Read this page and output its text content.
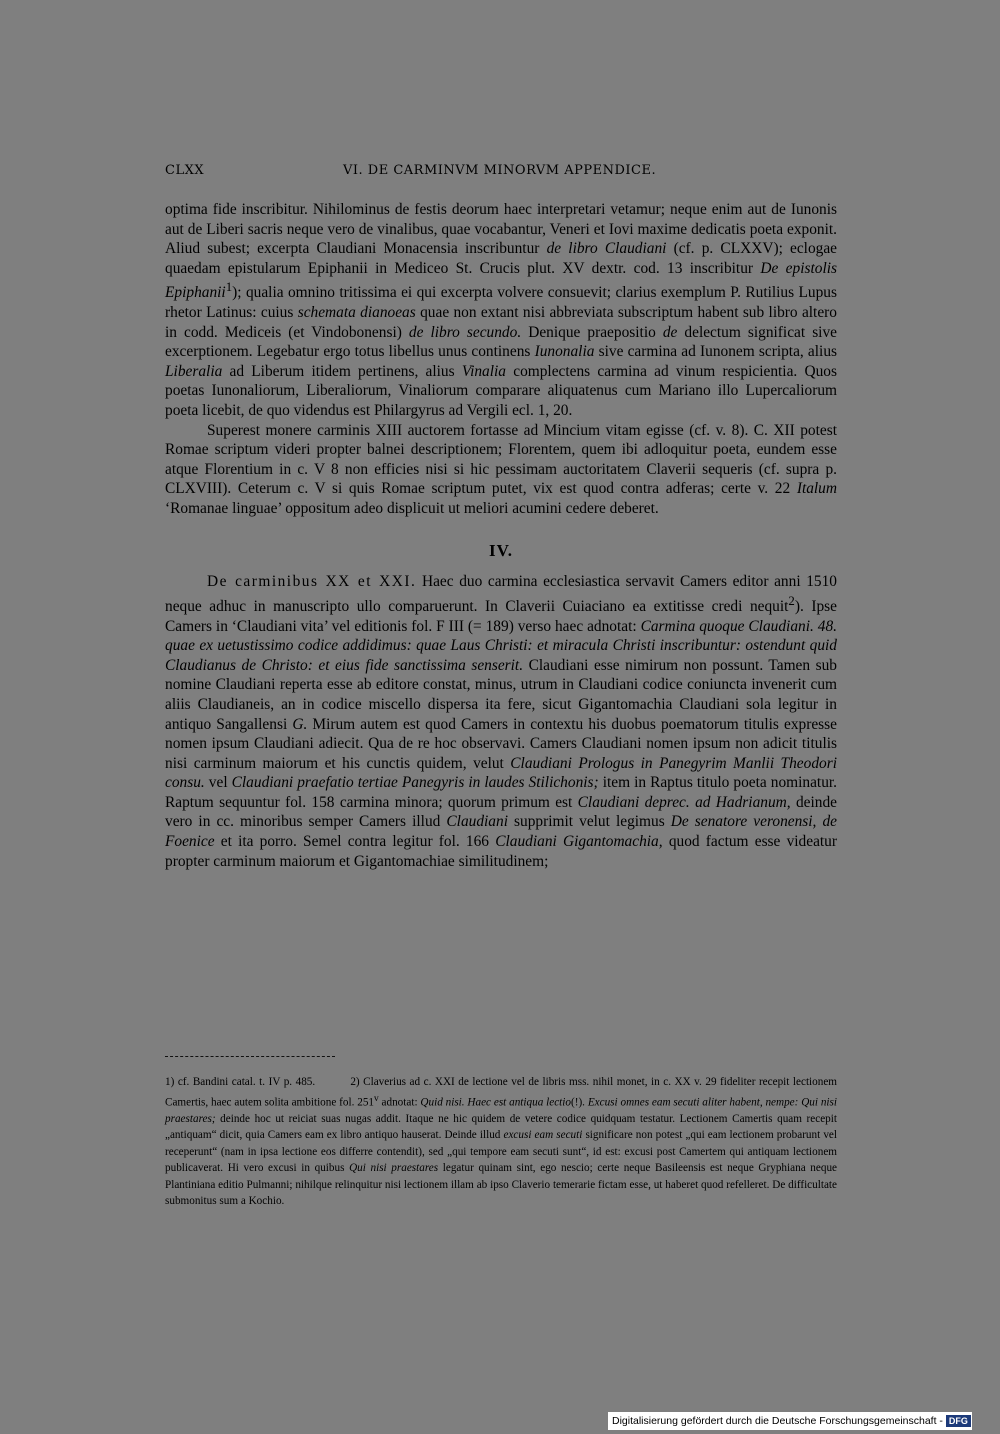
CLXX	VI. DE CARMINVM MINORVM APPENDICE.

optima fide inscribitur. Nihilominus de festis deorum haec interpretari vetamur; neque enim aut de Iunonis aut de Liberi sacris neque vero de vinalibus, quae vocabantur, Veneri et Iovi maxime dedicatis poeta exponit. Aliud subest; excerpta Claudiani Monacensia inscribuntur de libro Claudiani (cf. p. CLXXV); eclogae quaedam epistularum Epiphanii in Mediceo St. Crucis plut. XV dextr. cod. 13 inscribitur De epistolis Epiphanii$^1$); qualia omnino tritissima ei qui excerpta volvere consuevit; clarius exemplum P. Rutilius Lupus rhetor Latinus: cuius schemata dianoeas quae non extant nisi abbreviata subscriptum habent sub libro altero in codd. Mediceis (et Vindobonensi) de libro secundo. Denique praepositio de delectum significat sive excerptionem. Legebatur ergo totus libellus unus continens Iunonalia sive carmina ad Iunonem scripta, alius Liberalia ad Liberum itidem pertinens, alius Vinalia complectens carmina ad vinum respicientia. Quos poetas Iunonaliorum, Liberaliorum, Vinaliorum comparare aliquatenus cum Mariano illo Lupercaliorum poeta licebit, de quo videndus est Philargyrus ad Vergili ecl. 1, 20.

Superest monere carminis XIII auctorem fortasse ad Mincium vitam egisse (cf. v. 8). C. XII potest Romae scriptum videri propter balnei descriptionem; Florentem, quem ibi adloquitur poeta, eundem esse atque Florentium in c. V 8 non efficies nisi si hic pessimam auctoritatem Claverii sequeris (cf. supra p. CLXVIII). Ceterum c. V si quis Romae scriptum putet, vix est quod contra adferas; certe v. 22 Italum ‘Romanae linguae’ oppositum adeo displicuit ut meliori acumini cedere deberet.

IV.

De carminibus XX et XXI. Haec duo carmina ecclesiastica servavit Camers editor anni 1510 neque adhuc in manuscripto ullo comparuerunt. In Claverii Cuiaciano ea extitisse credi nequit$^2$). Ipse Camers in ‘Claudiani vita’ vel editionis fol. F III (= 189) verso haec adnotat: Carmina quoque Claudiani. 48. quae ex uetustissimo codice addidimus: quae Laus Christi: et miracula Christi inscribuntur: ostendunt quid Claudianus de Christo: et eius fide sanctissima senserit. Claudiani esse nimirum non possunt. Tamen sub nomine Claudiani reperta esse ab editore constat, minus, utrum in Claudiani codice coniuncta invenerit cum aliis Claudianeis, an in codice miscello dispersa ita fere, sicut Gigantomachia Claudiani sola legitur in antiquo Sangallensi G. Mirum autem est quod Camers in contextu his duobus poematorum titulis expresse nomen ipsum Claudiani adiecit. Qua de re hoc observavi. Camers Claudiani nomen ipsum non adicit titulis nisi carminum maiorum et his cunctis quidem, velut Claudiani Prologus in Panegyrim Manlii Theodori consu. vel Claudiani praefatio tertiae Panegyris in laudes Stilichonis; item in Raptus titulo poeta nominatur. Raptum sequuntur fol. 158 carmina minora; quorum primum est Claudiani deprec. ad Hadrianum, deinde vero in cc. minoribus semper Camers illud Claudiani supprimit velut legimus De senatore veronensi, de Foenice et ita porro. Semel contra legitur fol. 166 Claudiani Gigantomachia, quod factum esse videatur propter carminum maiorum et Gigantomachiae similitudinem;

1) cf. Bandini catal. t. IV p. 485.	2) Claverius ad c. XXI de lectione vel de libris mss. nihil monet, in c. XX v. 29 fideliter recepit lectionem Camertis, haec autem solita ambitione fol. 251$^v$ adnotat: Quid nisi. Haec est antiqua lectio(!). Excusi omnes eam secuti aliter habent, nempe: Qui nisi praestares; deinde hoc ut reiciat suas nugas addit. Itaque ne hic quidem de vetere codice quidquam testatur. Lectionem Camertis quam recepit „antiquam“ dicit, quia Camers eam ex libro antiquo hauserat. Deinde illud excusi eam secuti significare non potest „qui eam lectionem probarunt vel receperunt“ (nam in ipsa lectione eos differre contendit), sed „qui tempore eam secuti sunt“, id est: excusi post Camertem qui antiquam lectionem publicaverat. Hi vero excusi in quibus Qui nisi praestares legatur quinam sint, ego nescio; certe neque Basileensis est neque Gryphiana neque Plantiniana editio Pulmanni; nihilque relinquitur nisi lectionem illam ab ipso Claverio temerarie fictam esse, ut haberet quod refelleret. De difficultate submonitus sum a Kochio.

Digitalisierung gefördert durch die Deutsche Forschungsgemeinschaft - DFG
